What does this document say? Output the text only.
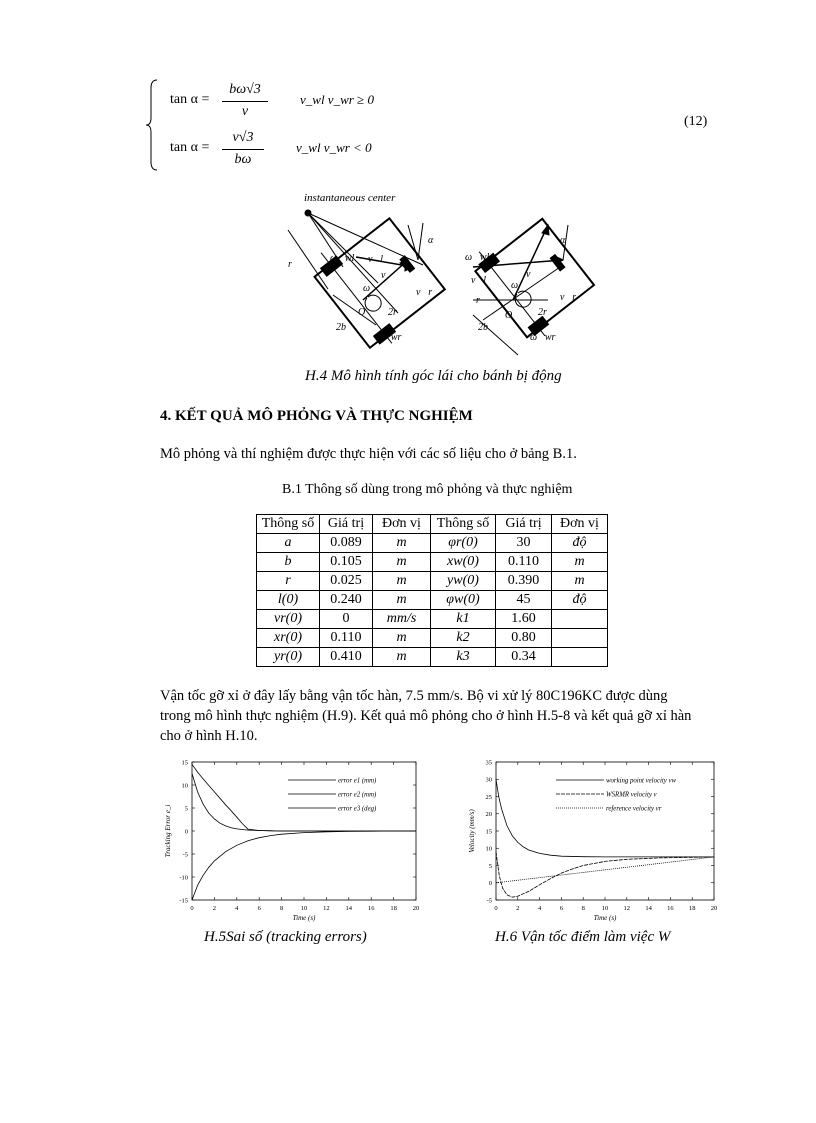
tan α =
bω√3
v
v_wl v_wr ≥ 0
tan α =
v√3
bω
v_wl v_wr < 0
(12)
instantaneous center
r
ω⃗wl v⃗l
v⃗
v⃗r
ω⃗
O 2r
2b
ω⃗wr
α
ω⃗wl
v⃗l
v⃗
v⃗r
ω⃗
O	2r
2b
r
ω⃗wr
α
H.4 Mô hình tính góc lái cho bánh bị động
4. KẾT QUẢ MÔ PHỎNG VÀ THỰC NGHIỆM
Mô phỏng và thí nghiệm được thực hiện với các số liệu cho ở bảng B.1.
B.1 Thông số dùng trong mô phỏng và thực nghiệm
Thông số	Giá trị	Đơn vị	Thông số	Giá trị	Đơn vị
a	0.089	m	φr(0)	30	độ
b	0.105	m	xw(0)	0.110	m
r	0.025	m	yw(0)	0.390	m
l(0)	0.240	m	φw(0)	45	độ
vr(0)	0	mm/s	k1	1.60	
xr(0)	0.110	m	k2	0.80	
yr(0)	0.410	m	k3	0.34	
Vận tốc gỡ xỉ ở đây lấy bằng vận tốc hàn, 7.5 mm/s. Bộ vi xử lý 80C196KC được dùng
trong mô hình thực nghiệm (H.9). Kết quả mô phỏng cho ở hình H.5-8 và kết quả gỡ xỉ hàn
cho ở hình H.10.
0	2	4	6	8	10 12 14 16 18 20
15
10
5
0
-5
-10
-15
Time (s)
Tracking Error e_i
error e1 (mm)
error e2 (mm)
error e3 (deg)
H.5Sai số (tracking errors)
0	2	4	6	8	10 12 14 16 18 20
35
30
25
20
15
10
5
0
-5
Time (s)
Velocity (mm/s)
working point velocity vw
WSRMR velocity v
reference velocity vr
H.6 Vận tốc điểm làm việc W
